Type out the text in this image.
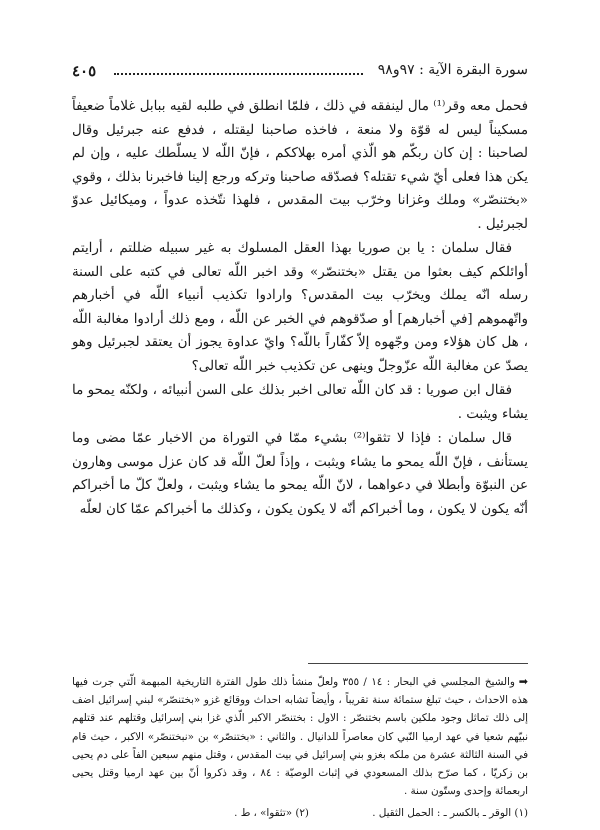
٤٠٥	سورة البقرة الآية : ٩٧و٩٨

فحمل معه وقر⁽¹⁾ مال لينفقه في ذلك ، فلمّا انطلق في طلبه لقيه ببابل غلاماً ضعيفاً مسكيناً ليس له قوّة ولا منعة ، فاخذه صاحبنا ليقتله ، فدفع عنه جبرئيل وقال لصاحبنا : إن كان ربكّم هو الّذي أمره بهلاككم ، فإنّ اللّه لا يسلّطك عليه ، وإن لم يكن هذا فعلى أيّ شيء تقتله؟ فصدّقه صاحبنا وتركه ورجع إلينا فاخبرنا بذلك ، وقوي «بختنصّر» وملك وغزانا وخرّب بيت المقدس ، فلهذا نتّخذه عدواً ، وميكائيل عدوّ لجبرئيل .

فقال سلمان : يا بن صوريا بهذا العقل المسلوك به غير سبيله ضللتم ، أرايتم أوائلكم كيف بعثوا من يقتل «بختنصّر» وقد اخبر اللّه تعالى في كتبه على السنة رسله انّه يملك ويخرّب بيت المقدس؟ وارادوا تكذيب أنبياء اللّه في أخبارهم واتّهموهم [في أخبارهم] أو صدّقوهم في الخبر عن اللّه ، ومع ذلك أرادوا مغالبة اللّه ، هل كان هؤلاء ومن وجّهوه إلاّ كفّاراً باللّه؟ وايّ عداوة يجوز أن يعتقد لجبرئيل وهو يصدّ عن مغالبة اللّه عزّوجلّ وينهى عن تكذيب خبر اللّه تعالى؟

فقال ابن صوريا : قد كان اللّه تعالى اخبر بذلك على السن أنبيائه ، ولكنّه يمحو ما يشاء ويثبت .

قال سلمان : فإذا لا تثقوا⁽²⁾ بشيء ممّا في التوراة من الاخبار عمّا مضى وما يستأنف ، فإنّ اللّه يمحو ما يشاء ويثبت ، وإذاً لعلّ اللّه قد كان عزل موسى وهارون عن النبوّة وأبطلا في دعواهما ، لانّ اللّه يمحو ما يشاء ويثبت ، ولعلّ كلّ ما أخبراكم أنّه يكون لا يكون ، وما أخبراكم أنّه لا يكون يكون ، وكذلك ما أخبراكم عمّا كان لعلّه

➡والشيخ المجلسي في البحار : ١٤ / ٣٥٥ ولعلّ منشأ ذلك طول الفترة التاريخية المبهمة الّتي جرت فيها هذه الاحداث ، حيث تبلغ ستمائة سنة تقريباً ، وأيضاً تشابه احداث ووقائع غزو «بختنصّر» لبني إسرائيل اضف إلى ذلك تماثل وجود ملكين باسم بختنصّر : الاول : بختنصّر الاكبر الّذي غزا بني إسرائيل وقتلهم عند قتلهم نبيّهم شعيا في عهد ارميا النّبي كان معاصراً للدانيال . والثاني : «بختنصّر» بن «نبختنصّر» الاكبر ، حيث قام في السنة الثالثة عشرة من ملكه بغزو بني إسرائيل في بيت المقدس ، وقتل منهم سبعين الفاً على دم يحيى بن زكريّا ، كما صرّح بذلك المسعودي في إثبات الوصيّة : ٨٤ ، وقد ذكروا أنّ بين عهد ارميا وقتل يحيى اربعمائة وإحدى وستّون سنة .

(١) الوقر ـ بالكسر ـ : الحمل الثقيل . (٢) «تثقوا» ، ط .
